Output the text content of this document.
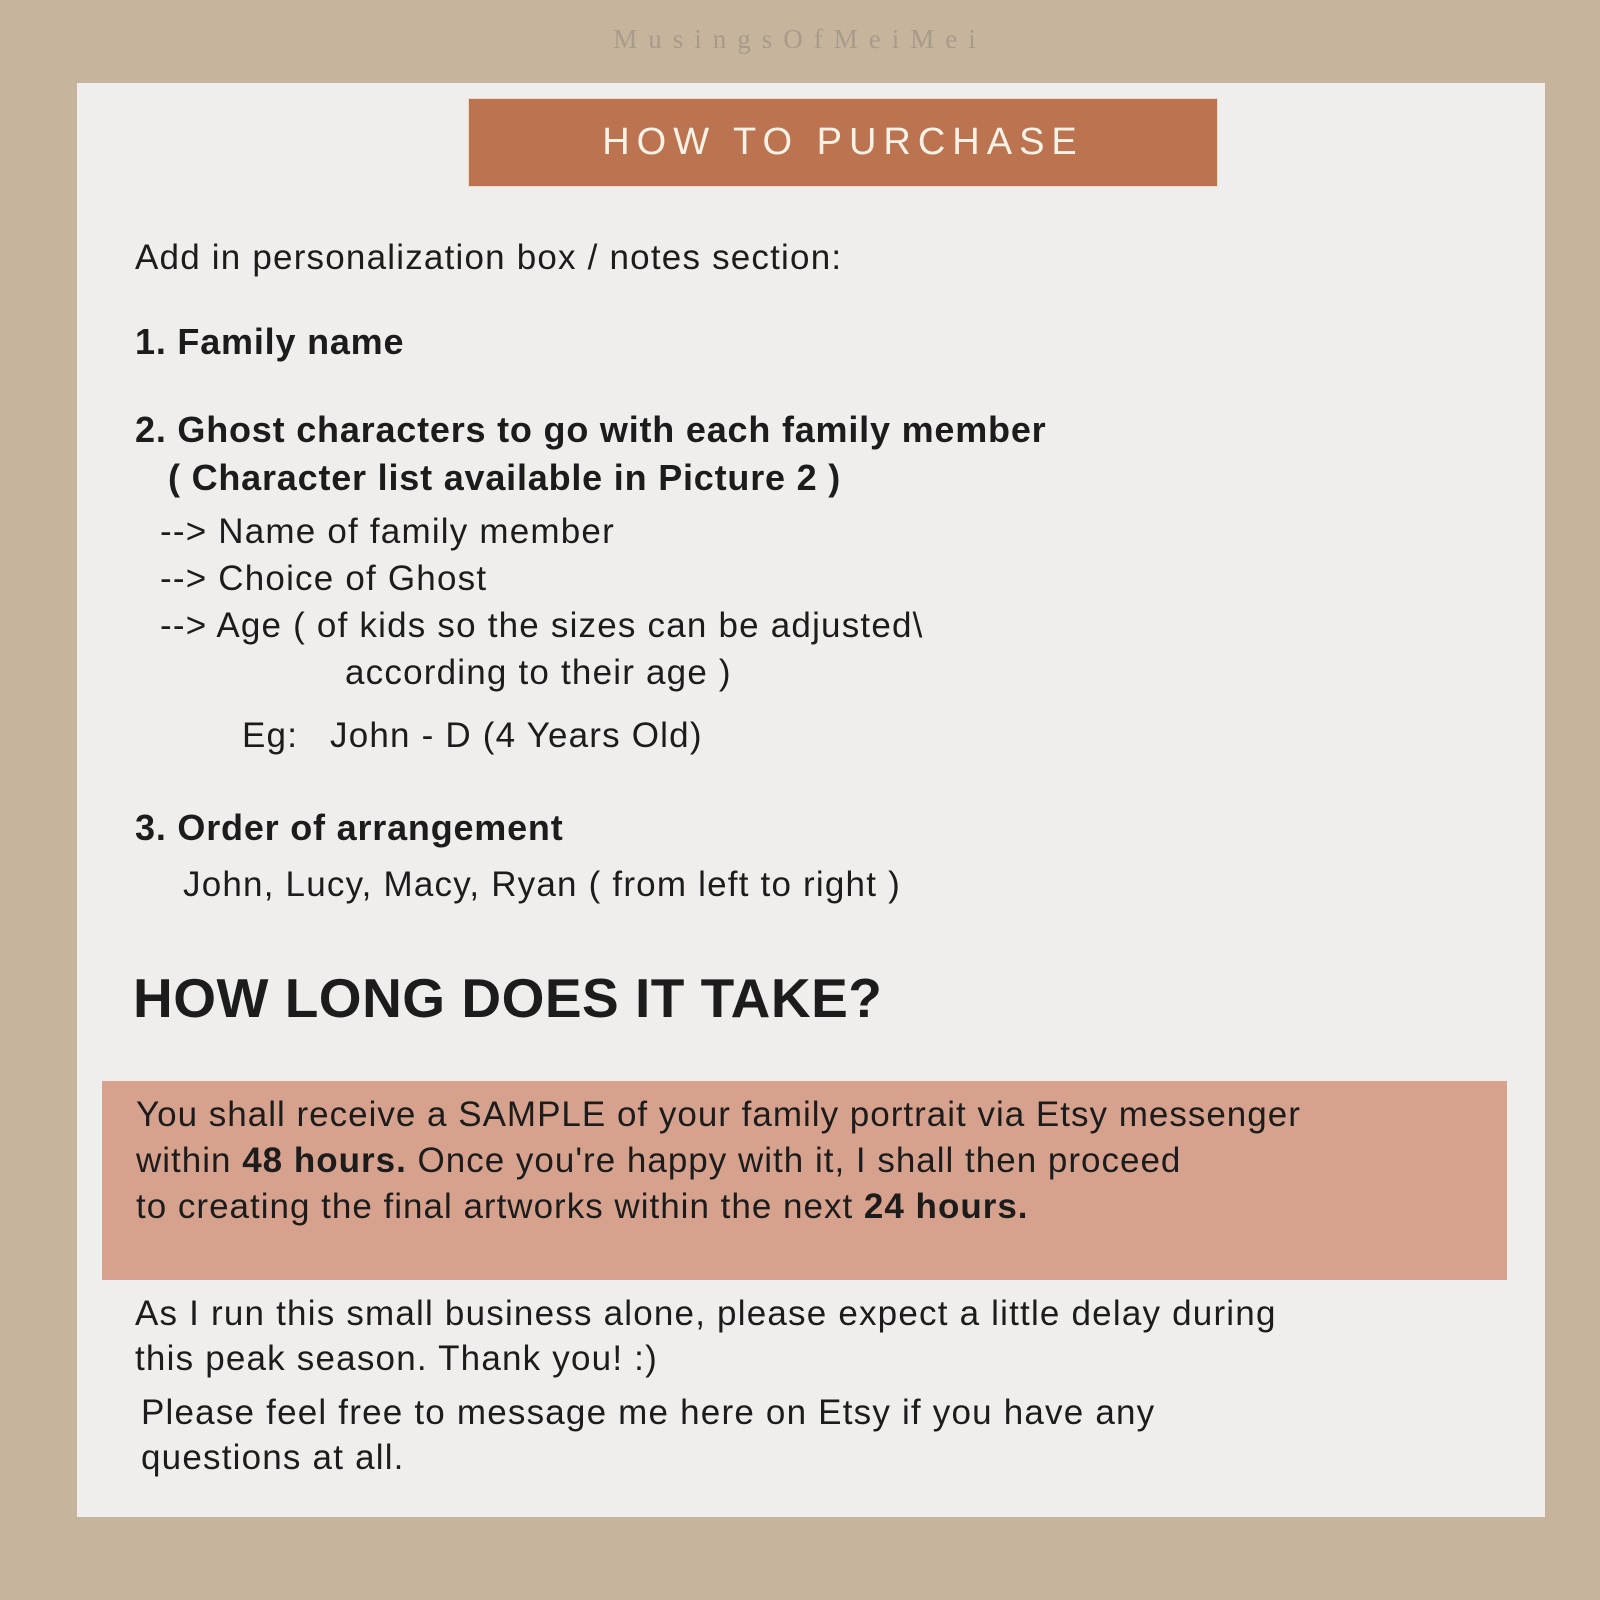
MusingsOfMeiMei
HOW TO PURCHASE
Add in personalization box / notes section:
1. Family name
2. Ghost characters to go with each family member
( Character list available in Picture 2 )
--> Name of family member
--> Choice of Ghost
--> Age ( of kids so the sizes can be adjusted\
according to their age )
Eg: John - D (4 Years Old)
3. Order of arrangement
John, Lucy, Macy, Ryan ( from left to right )
HOW LONG DOES IT TAKE?
You shall receive a SAMPLE of your family portrait via Etsy messenger
within 48 hours. Once you're happy with it, I shall then proceed
to creating the final artworks within the next 24 hours.
As I run this small business alone, please expect a little delay during
this peak season. Thank you! :)
Please feel free to message me here on Etsy if you have any
questions at all.
